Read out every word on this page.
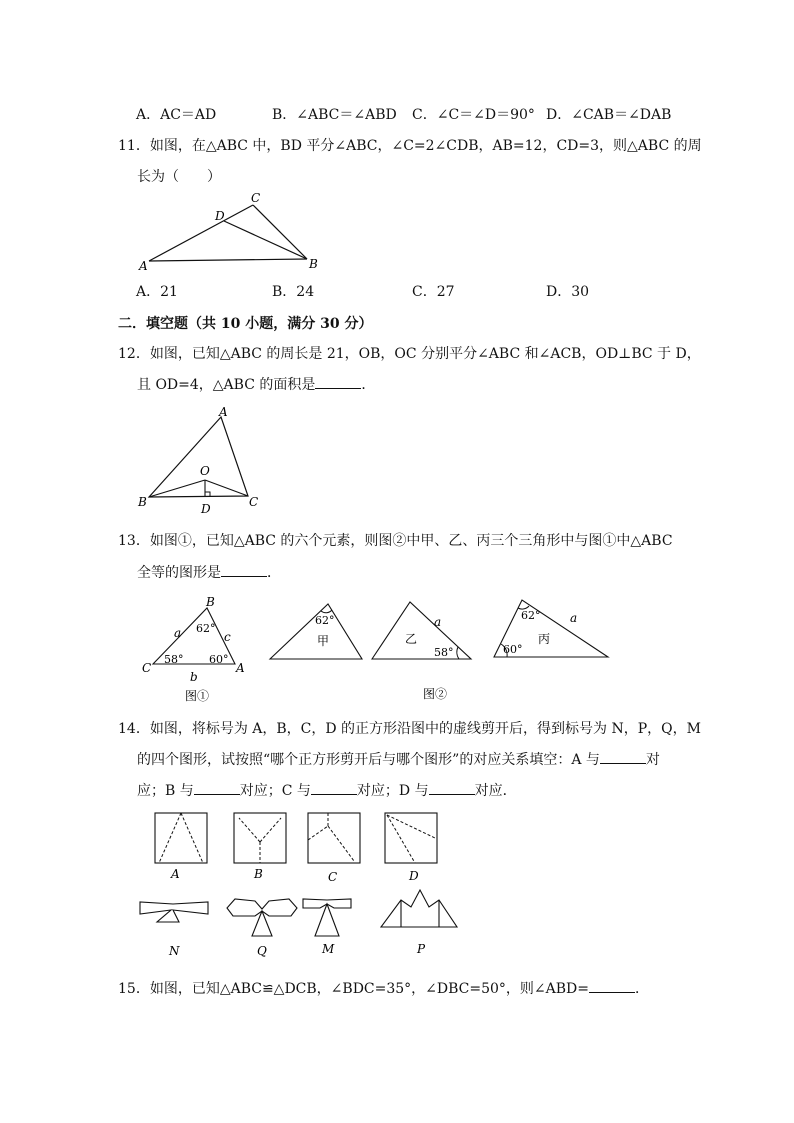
A．AC＝AD	B．∠ABC＝∠ABD C．∠C＝∠D＝90° D．∠CAB＝∠DAB
11．如图，在△ABC 中，BD 平分∠ABC，∠C=2∠CDB，AB=12，CD=3，则△ABC 的周
长为（　　）
A	B
C
D
A．21	B．24	C．27	D．30
二．填空题（共 10 小题，满分 30 分）
12．如图，已知△ABC 的周长是 21，OB，OC 分别平分∠ABC 和∠ACB，OD⊥BC 于 D，
且 OD=4，△ABC 的面积是	．
A
B	C
O
D
13．如图①，已知△ABC 的六个元素，则图②中甲、乙、丙三个三角形中与图①中△ABC
全等的图形是	．
B
C	A
a	c
b
62°
58° 60°
图①
62°
甲	乙
a
58°
62° a
丙
60°
图②
14．如图，将标号为 A，B，C，D 的正方形沿图中的虚线剪开后，得到标号为 N，P，Q，M
的四个图形，试按照“哪个正方形剪开后与哪个图形”的对应关系填空：A 与	对
应；B 与	对应；C 与	对应；D 与	对应．
A	B	C	D
N	Q	M	P
15．如图，已知△ABC≌△DCB，∠BDC=35°，∠DBC=50°，则∠ABD=	．
